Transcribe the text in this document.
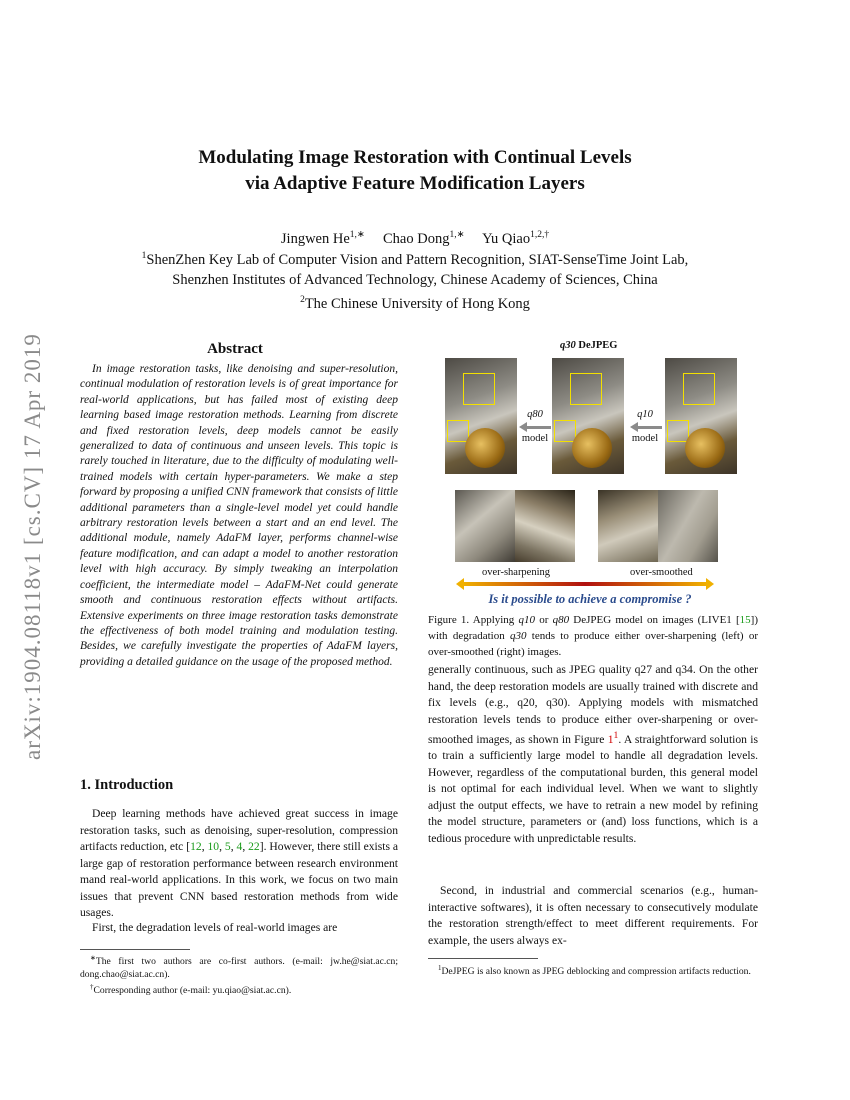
arXiv:1904.08118v1 [cs.CV] 17 Apr 2019
Modulating Image Restoration with Continual Levels
via Adaptive Feature Modification Layers
Jingwen $He^{1,∗}$ Chao Dong$^{1,∗}$ Yu Qiao$^{1,2,\dagger}$
$^1$ShenZhen Key Lab of Computer Vision and Pattern Recognition, SIAT-SenseTime Joint Lab,
Shenzhen Institutes of Advanced Technology, Chinese Academy of Sciences, China
$^2$The Chinese University of Hong Kong
Abstract
In image restoration tasks, like denoising and super-resolution, continual modulation of restoration levels is of great importance for real-world applications, but has failed most of existing deep learning based image restoration methods. Learning from discrete and fixed restoration levels, deep models cannot be easily generalized to data of continuous and unseen levels. This topic is rarely touched in literature, due to the difficulty of modulating well-trained models with certain hyper-parameters. We make a step forward by proposing a unified CNN framework that consists of little additional parameters than a single-level model yet could handle arbitrary restoration levels between a start and an end level. The additional module, namely AdaFM layer, performs channel-wise feature modification, and can adapt a model to another restoration level with high accuracy. By simply tweaking an interpolation coefficient, the intermediate model – AdaFM-Net could generate smooth and continuous restoration effects without artifacts. Extensive experiments on three image restoration tasks demonstrate the effectiveness of both model training and modulation testing. Besides, we carefully investigate the properties of AdaFM layers, providing a detailed guidance on the usage of the proposed method.
1. Introduction
Deep learning methods have achieved great success in image restoration tasks, such as denoising, super-resolution, compression artifacts reduction, etc [12, 10, 5, 4, 22]. However, there still exists a large gap of restoration performance between research environment mand real-world applications. In this work, we focus on two main issues that prevent CNN based restoration methods from wide usages.
First, the degradation levels of real-world images are

∗The first two authors are co-first authors. (e-mail: jw.he@siat.ac.cn; dong.chao@siat.ac.cn).

†Corresponding author (e-mail: yu.qiao@siat.ac.cn).

q30 DeJPEG
q80
model
q10
model
over-sharpening	over-smoothed
Is it possible to achieve a compromise ?
Figure 1. Applying q10 or q80 DeJPEG model on images (LIVE1 [15]) with degradation q30 tends to produce either over-sharpening (left) or over-smoothed (right) images.
generally continuous, such as JPEG quality q27 and q34. On the other hand, the deep restoration models are usually trained with discrete and fix levels (e.g., q20, q30). Applying models with mismatched restoration levels tends to produce either over-sharpening or over-smoothed images, as shown in Figure $1^1$. A straightforward solution is to train a sufficiently large model to handle all degradation levels. However, regardless of the computational burden, this general model is not optimal for each individual level. When we want to slightly adjust the output effects, we have to retrain a new model by refining the model structure, parameters or (and) loss functions, which is a tedious procedure with unpredictable results.
Second, in industrial and commercial scenarios (e.g., human-interactive softwares), it is often necessary to consecutively modulate the restoration strength/effect to meet different requirements. For example, the users always ex-
$^1$DeJPEG is also known as JPEG deblocking and compression artifacts reduction.
